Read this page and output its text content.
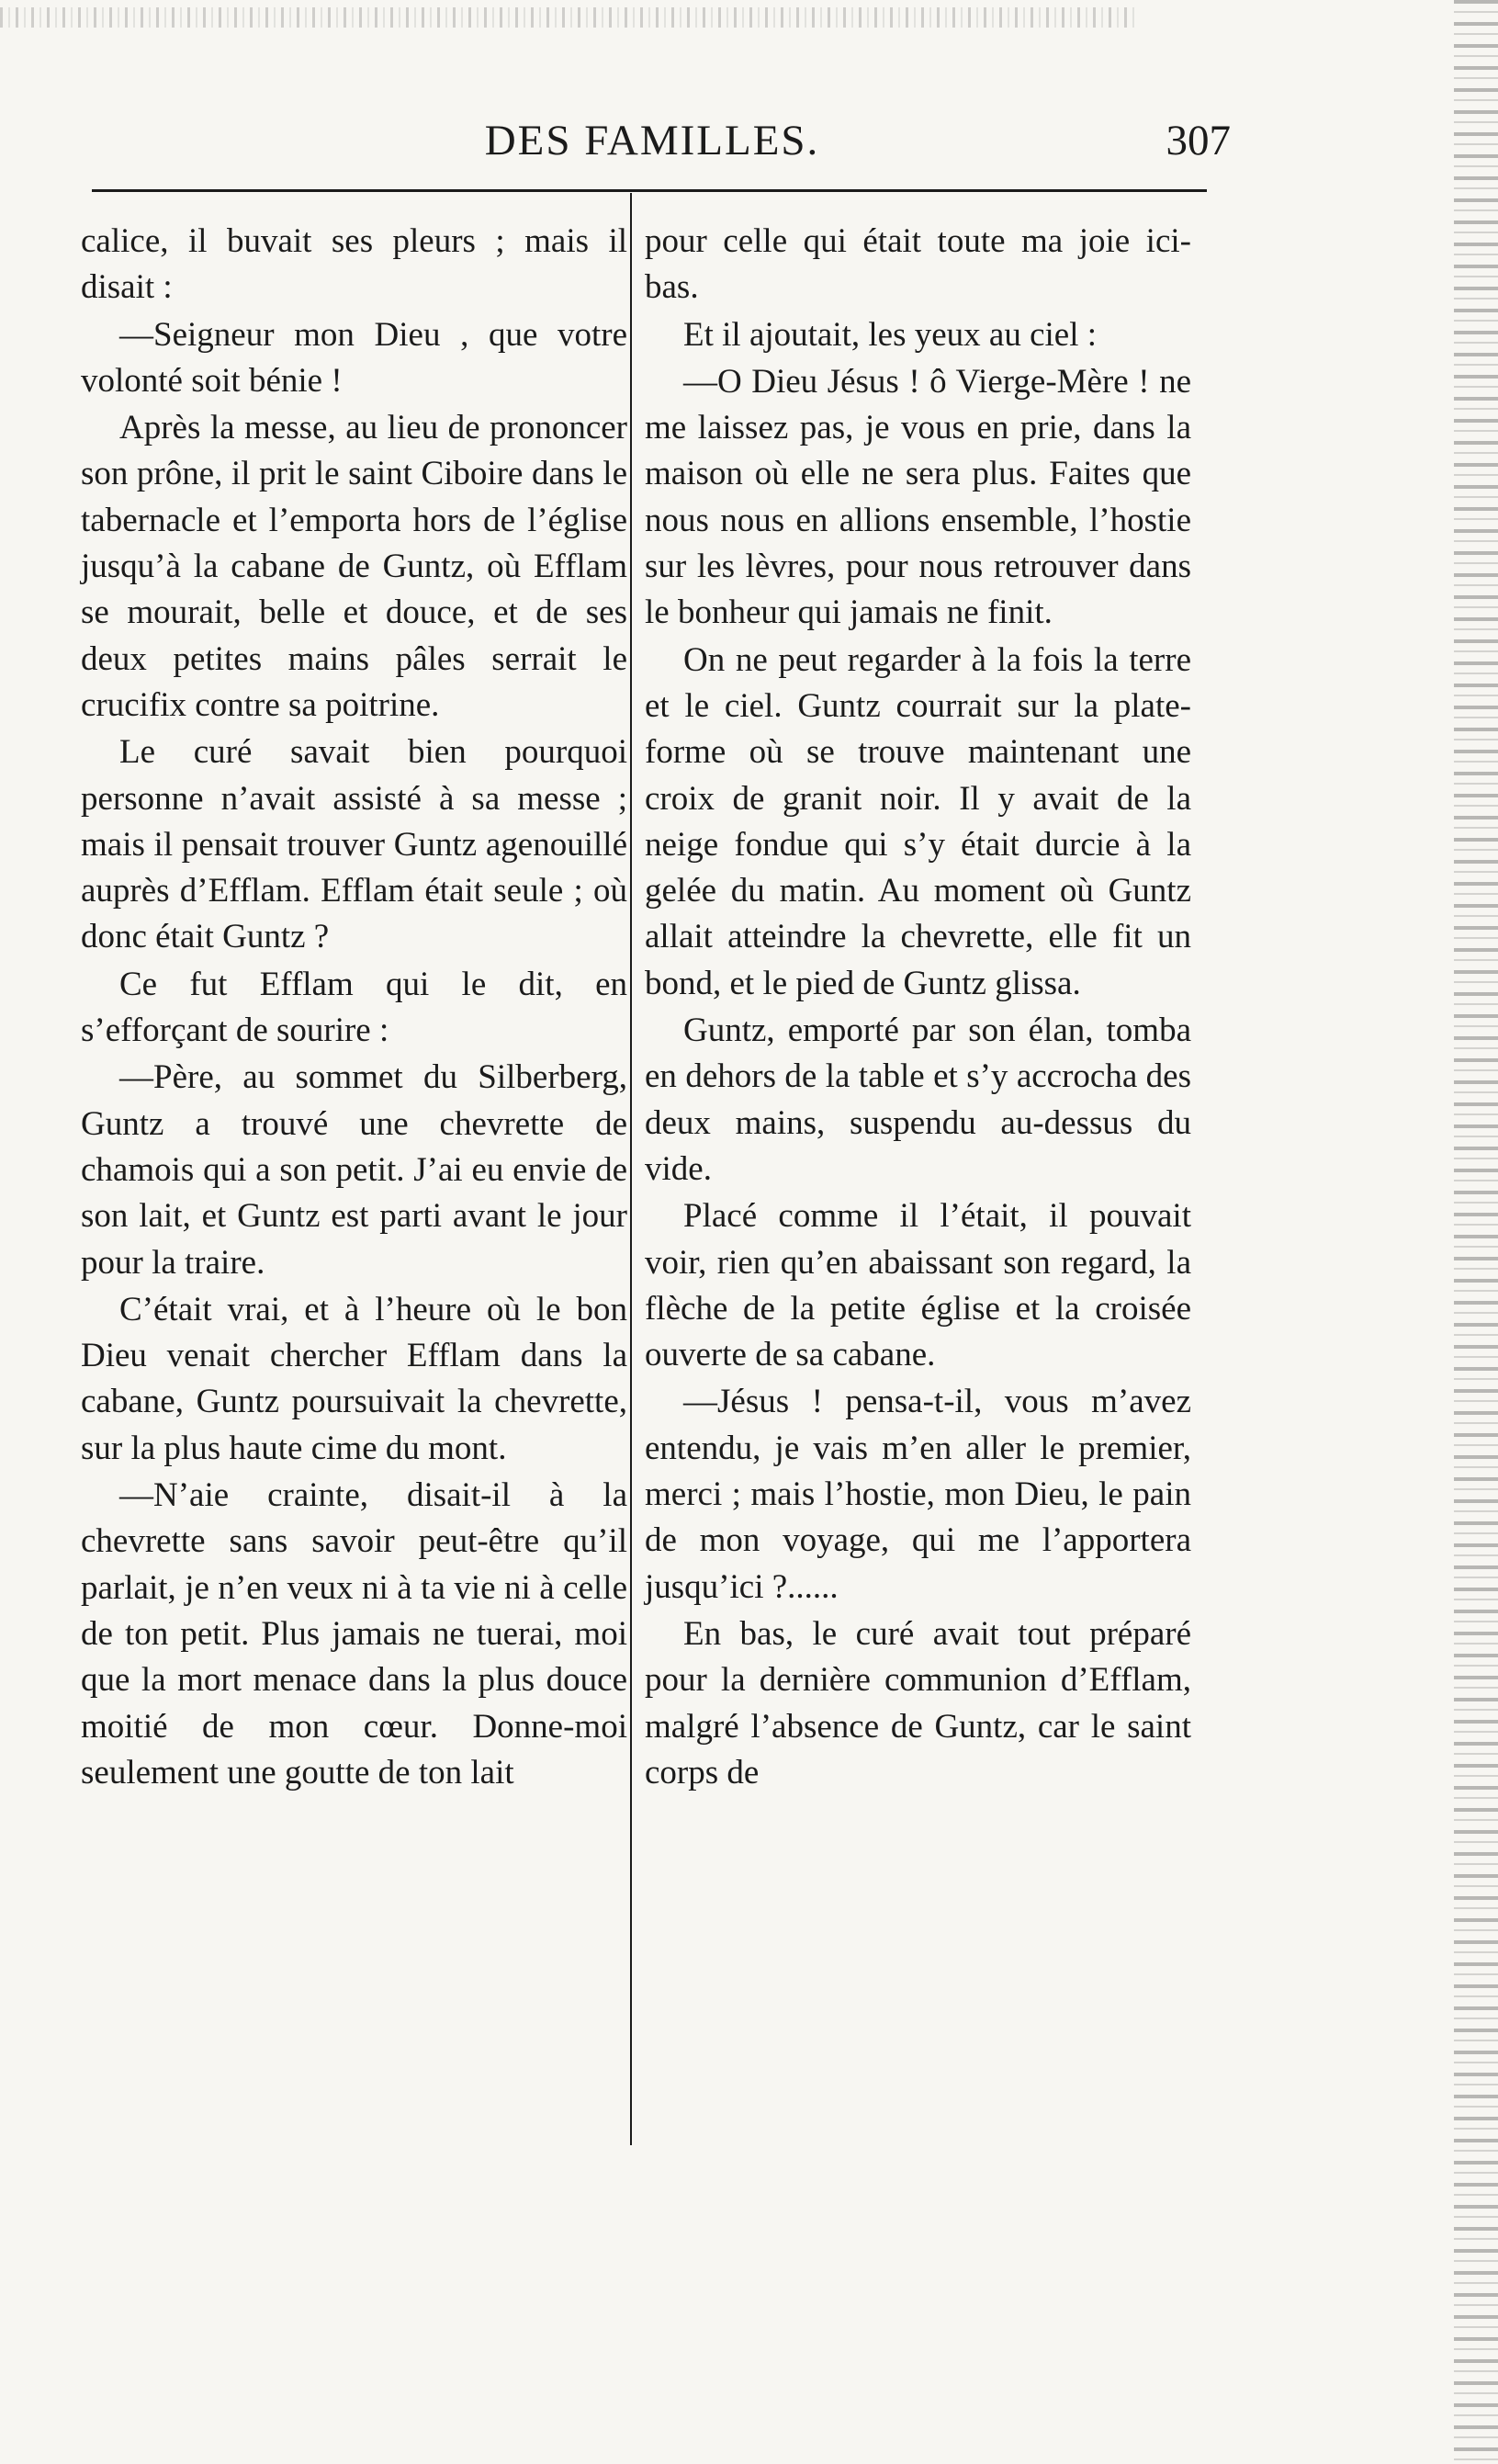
DES FAMILLES.	307

calice, il buvait ses pleurs ; mais il disait :

—Seigneur mon Dieu , que votre volonté soit bénie !

Après la messe, au lieu de prononcer son prône, il prit le saint Ciboire dans le tabernacle et l’emporta hors de l’église jusqu’à la cabane de Guntz, où Efflam se mourait, belle et douce, et de ses deux petites mains pâles serrait le crucifix contre sa poitrine.

Le curé savait bien pourquoi personne n’avait assisté à sa messe ; mais il pensait trouver Guntz agenouillé auprès d’Efflam. Efflam était seule ; où donc était Guntz ?

Ce fut Efflam qui le dit, en s’efforçant de sourire :

—Père, au sommet du Silberberg, Guntz a trouvé une chevrette de chamois qui a son petit. J’ai eu envie de son lait, et Guntz est parti avant le jour pour la traire.

C’était vrai, et à l’heure où le bon Dieu venait chercher Efflam dans la cabane, Guntz poursuivait la chevrette, sur la plus haute cime du mont.

—N’aie crainte, disait-il à la chevrette sans savoir peut-être qu’il parlait, je n’en veux ni à ta vie ni à celle de ton petit. Plus jamais ne tuerai, moi que la mort menace dans la plus douce moitié de mon cœur. Donne-moi seulement une goutte de ton lait

pour celle qui était toute ma joie ici-bas.

Et il ajoutait, les yeux au ciel :

—O Dieu Jésus ! ô Vierge-Mère ! ne me laissez pas, je vous en prie, dans la maison où elle ne sera plus. Faites que nous nous en allions ensemble, l’hostie sur les lèvres, pour nous retrouver dans le bonheur qui jamais ne finit.

On ne peut regarder à la fois la terre et le ciel. Guntz courrait sur la plate-forme où se trouve maintenant une croix de granit noir. Il y avait de la neige fondue qui s’y était durcie à la gelée du matin. Au moment où Guntz allait atteindre la chevrette, elle fit un bond, et le pied de Guntz glissa.

Guntz, emporté par son élan, tomba en dehors de la table et s’y accrocha des deux mains, suspendu au-dessus du vide.

Placé comme il l’était, il pouvait voir, rien qu’en abaissant son regard, la flèche de la petite église et la croisée ouverte de sa cabane.

—Jésus ! pensa-t-il, vous m’avez entendu, je vais m’en aller le premier, merci ; mais l’hostie, mon Dieu, le pain de mon voyage, qui me l’apportera jusqu’ici ?......

En bas, le curé avait tout préparé pour la dernière communion d’Efflam, malgré l’absence de Guntz, car le saint corps de
